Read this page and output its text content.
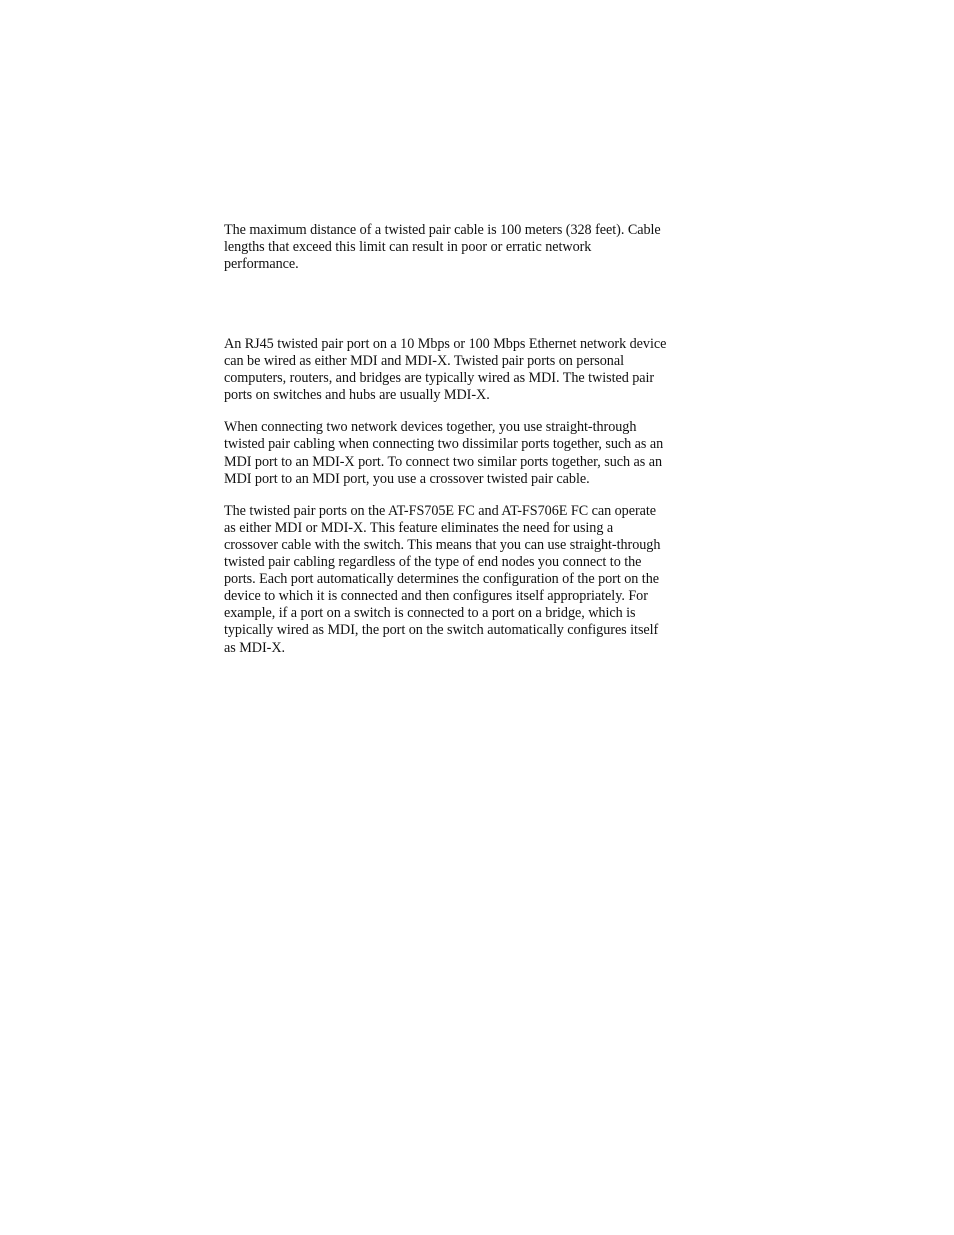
The maximum distance of a twisted pair cable is 100 meters (328 feet). Cable
lengths that exceed this limit can result in poor or erratic network
performance.

An RJ45 twisted pair port on a 10 Mbps or 100 Mbps Ethernet network device
can be wired as either MDI and MDI-X. Twisted pair ports on personal
computers, routers, and bridges are typically wired as MDI. The twisted pair
ports on switches and hubs are usually MDI-X.

When connecting two network devices together, you use straight-through
twisted pair cabling when connecting two dissimilar ports together, such as an
MDI port to an MDI-X port. To connect two similar ports together, such as an
MDI port to an MDI port, you use a crossover twisted pair cable.

The twisted pair ports on the AT-FS705E FC and AT-FS706E FC can operate
as either MDI or MDI-X. This feature eliminates the need for using a
crossover cable with the switch. This means that you can use straight-through
twisted pair cabling regardless of the type of end nodes you connect to the
ports. Each port automatically determines the configuration of the port on the
device to which it is connected and then configures itself appropriately. For
example, if a port on a switch is connected to a port on a bridge, which is
typically wired as MDI, the port on the switch automatically configures itself
as MDI-X.
